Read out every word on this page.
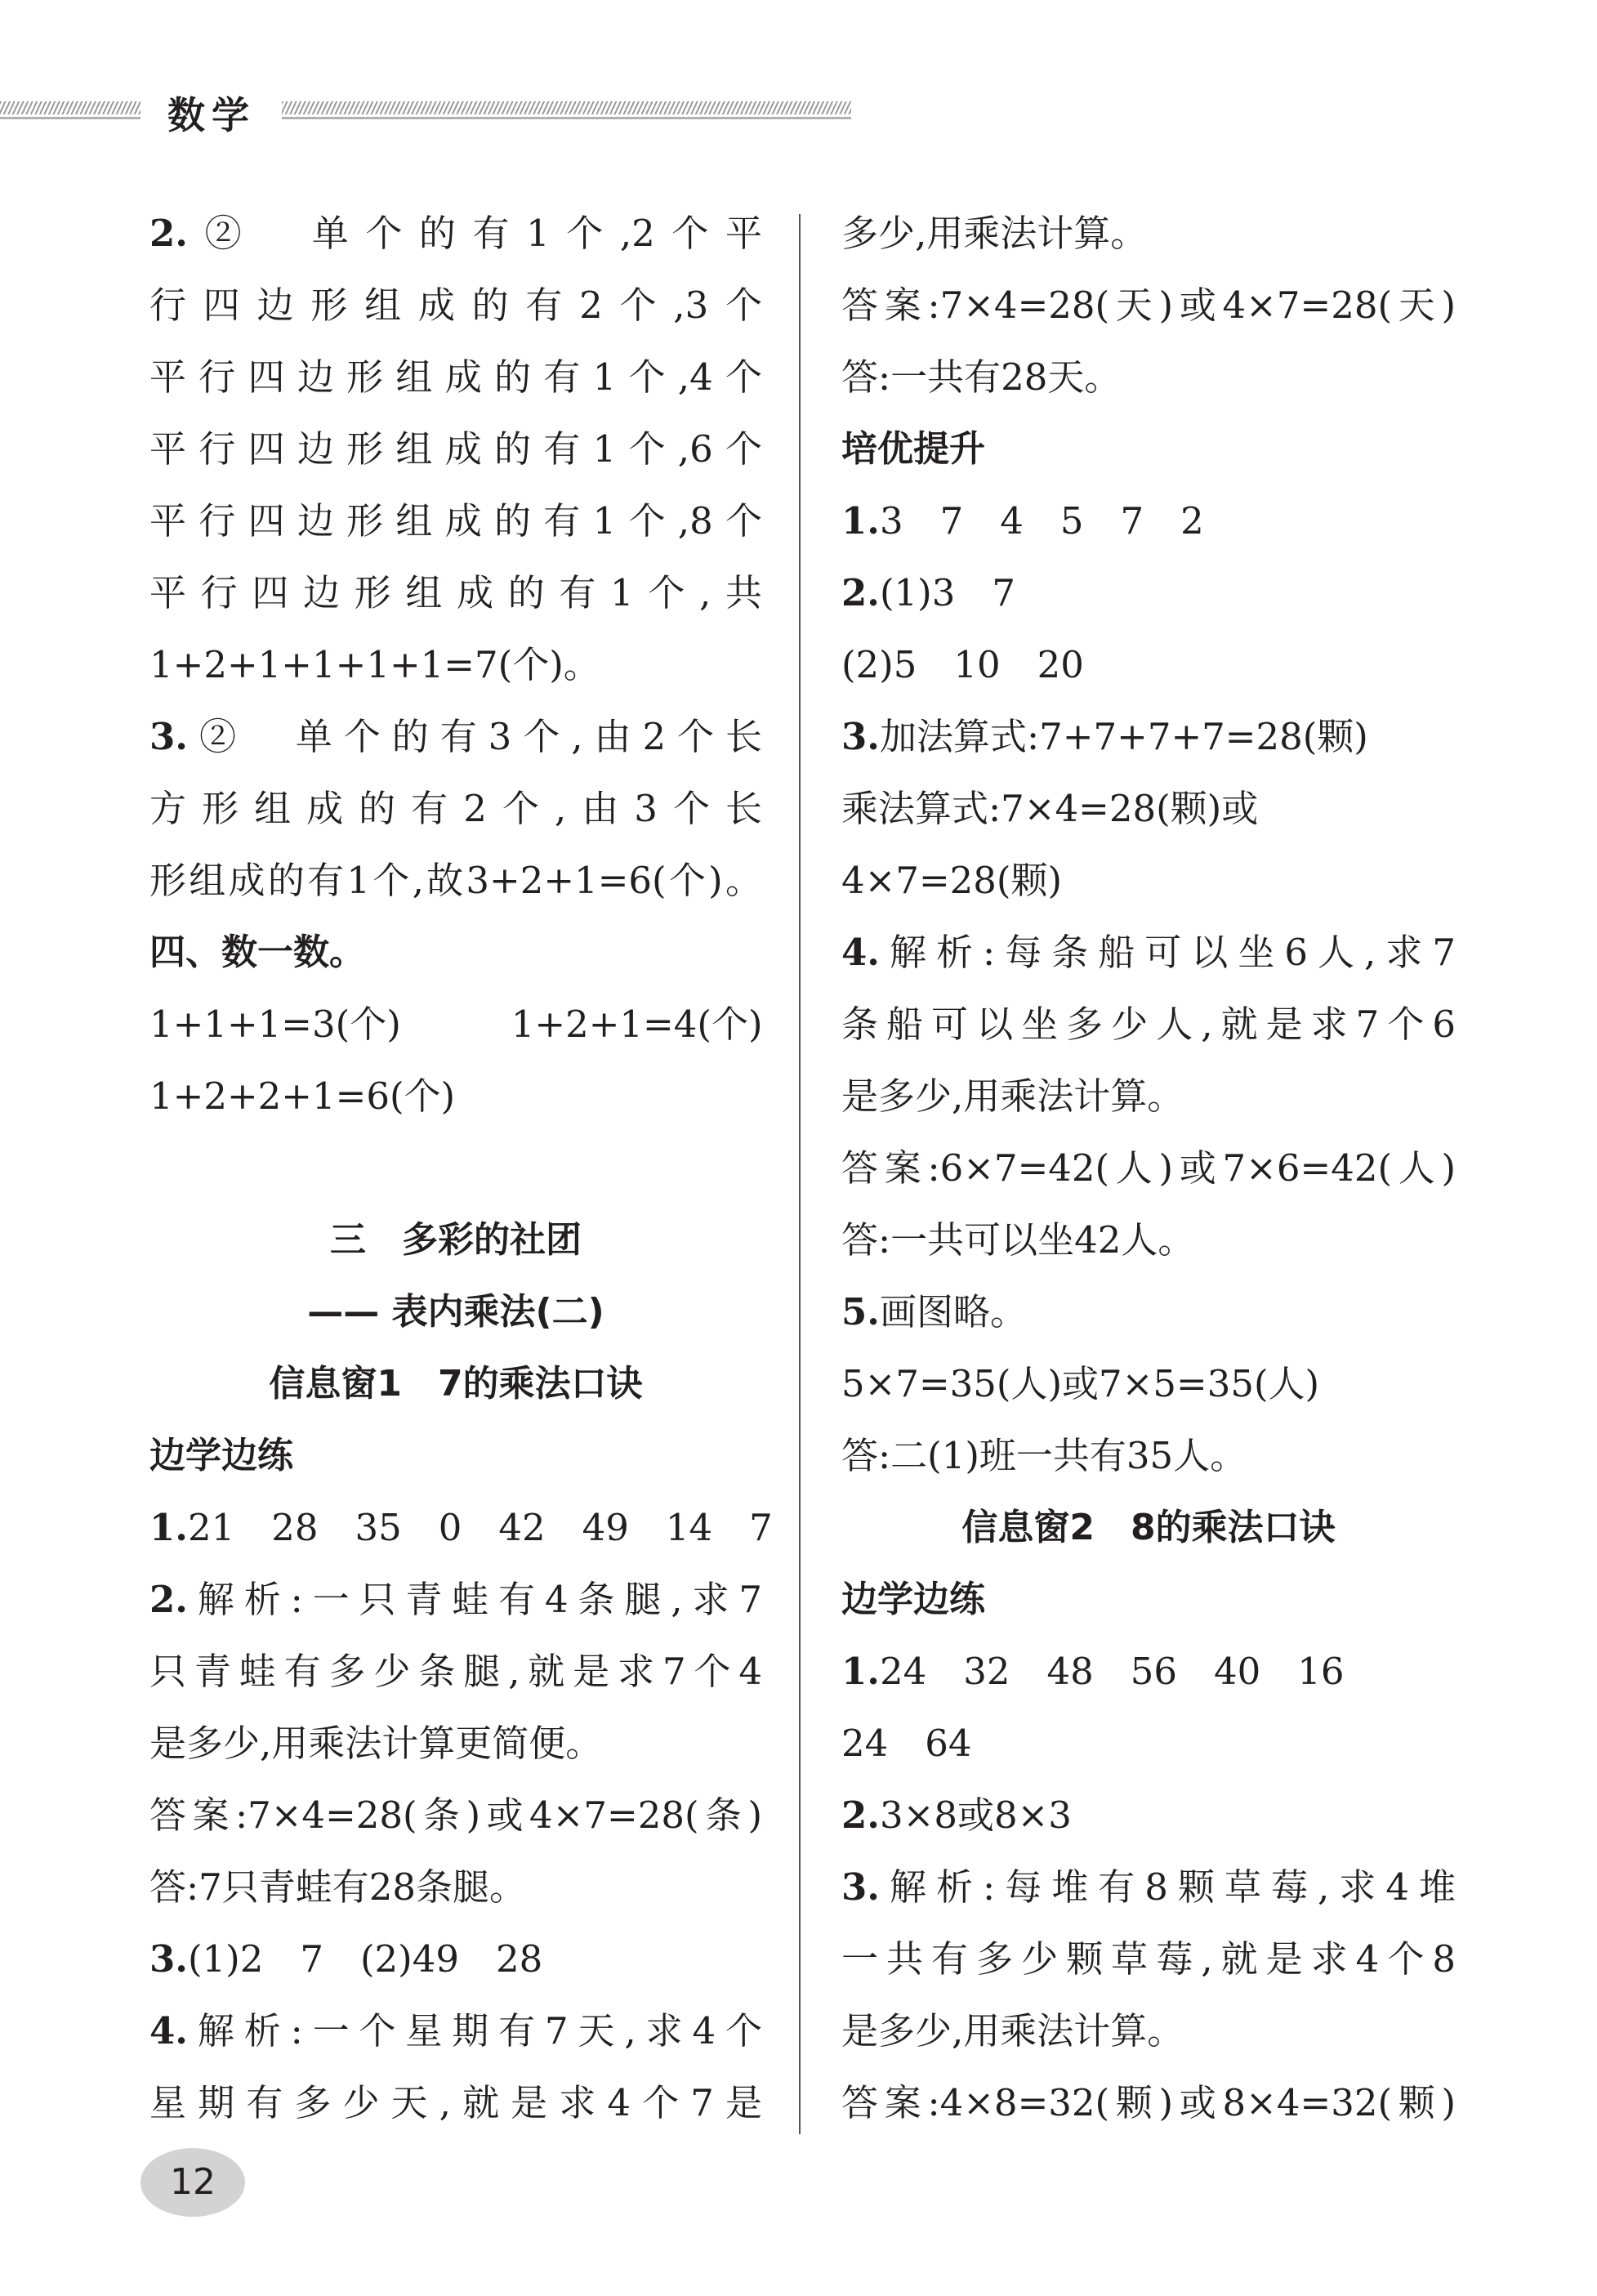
数学
2.②　单个的有1个,2个平
行四边形组成的有2个,3个
平行四边形组成的有1个,4个
平行四边形组成的有1个,6个
平行四边形组成的有1个,8个
平行四边形组成的有1个,共
1+2+1+1+1+1=7(个)。
3.②　单个的有3个,由2个长
方形组成的有2个,由3个长
形组成的有1个,故3+2+1=6(个)。
四、数一数。
1+1+1=3(个)　　　1+2+1=4(个)
1+2+2+1=6(个)
三　多彩的社团
—— 表内乘法(二)
信息窗1　7的乘法口诀
边学边练
1.21　28　35　0　42　49　14　7
2.解析:一只青蛙有4条腿,求7
只青蛙有多少条腿,就是求7个4
是多少,用乘法计算更简便。
答案:7×4=28(条)或4×7=28(条)
答:7只青蛙有28条腿。
3.(1)2　7　(2)49　28
4.解析:一个星期有7天,求4个
星期有多少天,就是求4个7是
多少,用乘法计算。
答案:7×4=28(天)或4×7=28(天)
答:一共有28天。
培优提升
1.3　7　4　5　7　2
2.(1)3　7
(2)5　10　20
3.加法算式:7+7+7+7=28(颗)
乘法算式:7×4=28(颗)或
4×7=28(颗)
4.解析:每条船可以坐6人,求7
条船可以坐多少人,就是求7个6
是多少,用乘法计算。
答案:6×7=42(人)或7×6=42(人)
答:一共可以坐42人。
5.画图略。
5×7=35(人)或7×5=35(人)
答:二(1)班一共有35人。
信息窗2　8的乘法口诀
边学边练
1.24　32　48　56　40　16
24　64
2.3×8或8×3
3.解析:每堆有8颗草莓,求4堆
一共有多少颗草莓,就是求4个8
是多少,用乘法计算。
答案:4×8=32(颗)或8×4=32(颗)
12
